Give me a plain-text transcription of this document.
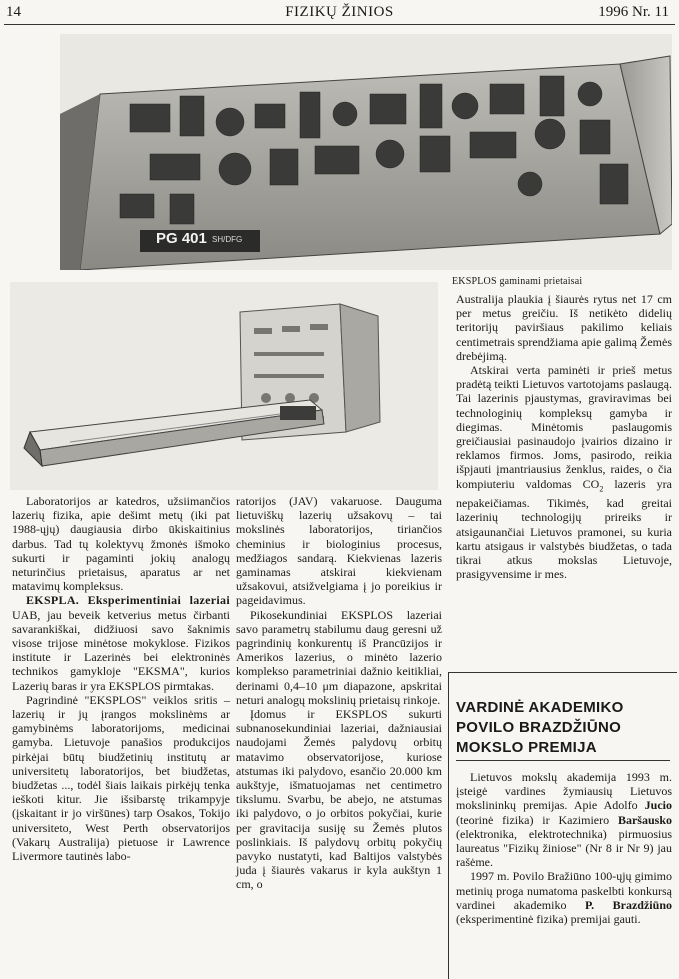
14	FIZIKŲ ŽINIOS	1996 Nr. 11
PG 401 SH/DFG
EKSPLOS gaminami prietaisai

Laboratorijos ar katedros, užsiimančios lazerių fizika, apie dešimt metų (iki pat 1988-ųjų) daugiausia dirbo ūkiskaitinius darbus. Tad tų kolektyvų žmonės išmoko sukurti ir pagaminti jokių analogų neturinčius prietaisus, aparatus ar net matavimų kompleksus.

EKSPLA. Eksperimentiniai lazeriai UAB, jau beveik ketverius metus čirbanti savarankiškai, didžiuosi savo šaknimis visose trijose minėtose mokyklose. Fizikos institute ir Lazerinės bei elektroninės technikos gamykloje "EKSMA", kurios Lazerių baras ir yra EKSPLOS pirmtakas.

Pagrindinė "EKSPLOS" veiklos sritis – lazerių ir jų įrangos mokslinėms ar gamybinėms laboratorijoms, medicinai gamyba. Lietuvoje panašios produkcijos pirkėjai būtų biudžetinių institutų ar universitetų laboratorijos, bet biudžetas, biudžetas ..., todėl šiais laikais pirkėjų tenka ieškoti kitur. Jie išsibarstę trikampyje (įskaitant ir jo viršūnes) tarp Osakos, Tokijo universiteto, West Perth observatorijos (Vakarų Australija) pietuose ir Lawrence Livermore tautinės labo-

ratorijos (JAV) vakaruose. Dauguma lietuviškų lazerių užsakovų – tai mokslinės laboratorijos, tiriančios cheminius ir biologinius procesus, medžiagos sandarą. Kiekvienas lazeris gaminamas atskirai kiekvienam užsakovui, atsižvelgiama į jo poreikius ir pageidavimus.

Pikosekundiniai EKSPLOS lazeriai savo parametrų stabilumu daug geresni už pagrindinių konkurentų iš Prancūzijos ir Amerikos lazerius, o minėto lazerio komplekso parametriniai dažnio keitikliai, derinami 0,4–10 μm diapazone, apskritai neturi analogų mokslinių prietaisų rinkoje.

Įdomus ir EKSPLOS sukurti subnanosekundiniai lazeriai, dažniausiai naudojami Žemės palydovų orbitų matavimo observatorijose, kuriose atstumas iki palydovo, esančio 20.000 km aukštyje, išmatuojamas net centimetro tikslumu. Svarbu, be abejo, ne atstumas iki palydovo, o jo orbitos pokyčiai, kurie per gravitacija susiję su Žemės plutos poslinkiais. Iš palydovų orbitų pokyčių pavyko nustatyti, kad Baltijos valstybės juda į šiaurės vakarus ir kyla aukštyn 1 cm, o

Australija plaukia į šiaurės rytus net 17 cm per metus greičiu. Iš netikėto didelių teritorijų paviršiaus pakilimo keliais centimetrais sprendžiama apie galimą Žemės drebėjimą.

Atskirai verta paminėti ir prieš metus pradėtą teikti Lietuvos vartotojams paslaugą. Tai lazerinis pjaustymas, graviravimas bei technologinių kompleksų gamyba ir diegimas. Minėtomis paslaugomis greičiausiai pasinaudojo įvairios dizaino ir reklamos firmos. Joms, pasirodo, reikia išpjauti įmantriausius ženklus, raides, o čia kompiuteriu valdomas $CO_2$ lazeris yra nepakeičiamas. Tikimės, kad greitai lazerinių technologijų prireiks ir atsigaunančiai Lietuvos pramonei, su kuria kartu atsigaus ir valstybės biudžetas, o tada tikrai atkus mokslas Lietuvoje, prasigyvensime ir mes.

VARDINĖ AKADEMIKO
POVILO BRAZDŽIŪNO
MOKSLO PREMIJA

Lietuvos mokslų akademija 1993 m. įsteigė vardines žymiausių Lietuvos mokslininkų premijas. Apie Adolfo Jucio (teorinė fizika) ir Kazimiero Baršausko (elektronika, elektrotechnika) pirmuosius laureatus "Fizikų žiniose" (Nr 8 ir Nr 9) jau rašėme.

1997 m. Povilo Bražiūno 100-ųjų gimimo metinių proga numatoma paskelbti konkursą vardinei akademiko P. Brazdžiūno (eksperimentinė fizika) premijai gauti.
